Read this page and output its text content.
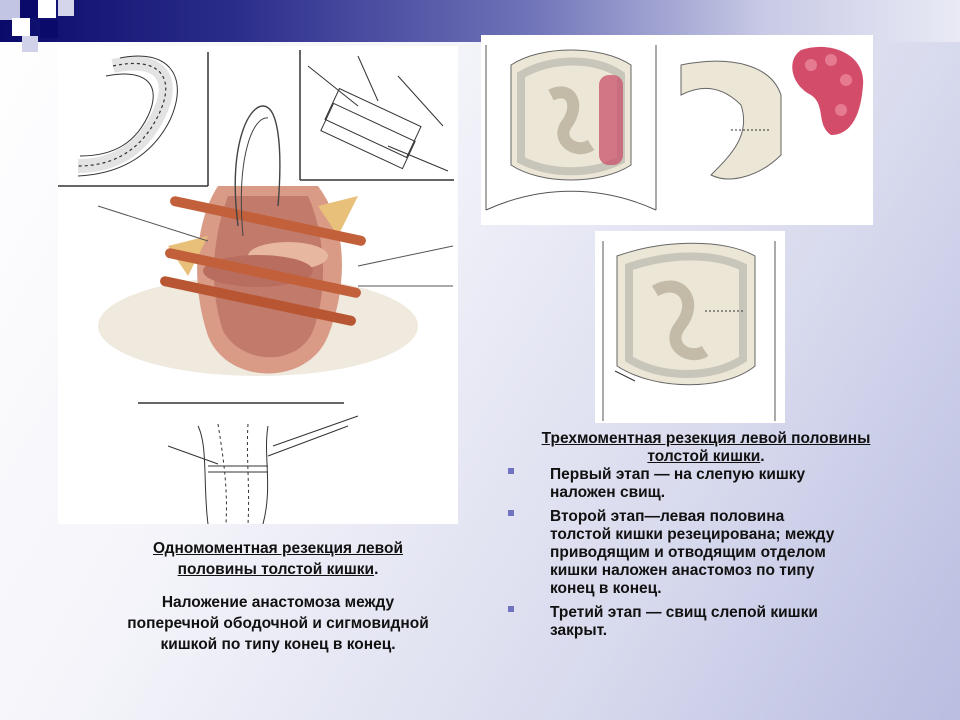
Одномоментная резекция левой
половины толстой кишки.
Наложение анастомоза между
поперечной ободочной и сигмовидной
кишкой по типу конец в конец.
Трехмоментная резекция левой половины
толстой кишки.
Первый этап — на слепую кишку
наложен свищ.
Второй этап—левая половина
толстой кишки резецирована; между
приводящим и отводящим отделом
кишки наложен анастомоз по типу
конец в конец.
Третий этап — свищ слепой кишки
закрыт.
